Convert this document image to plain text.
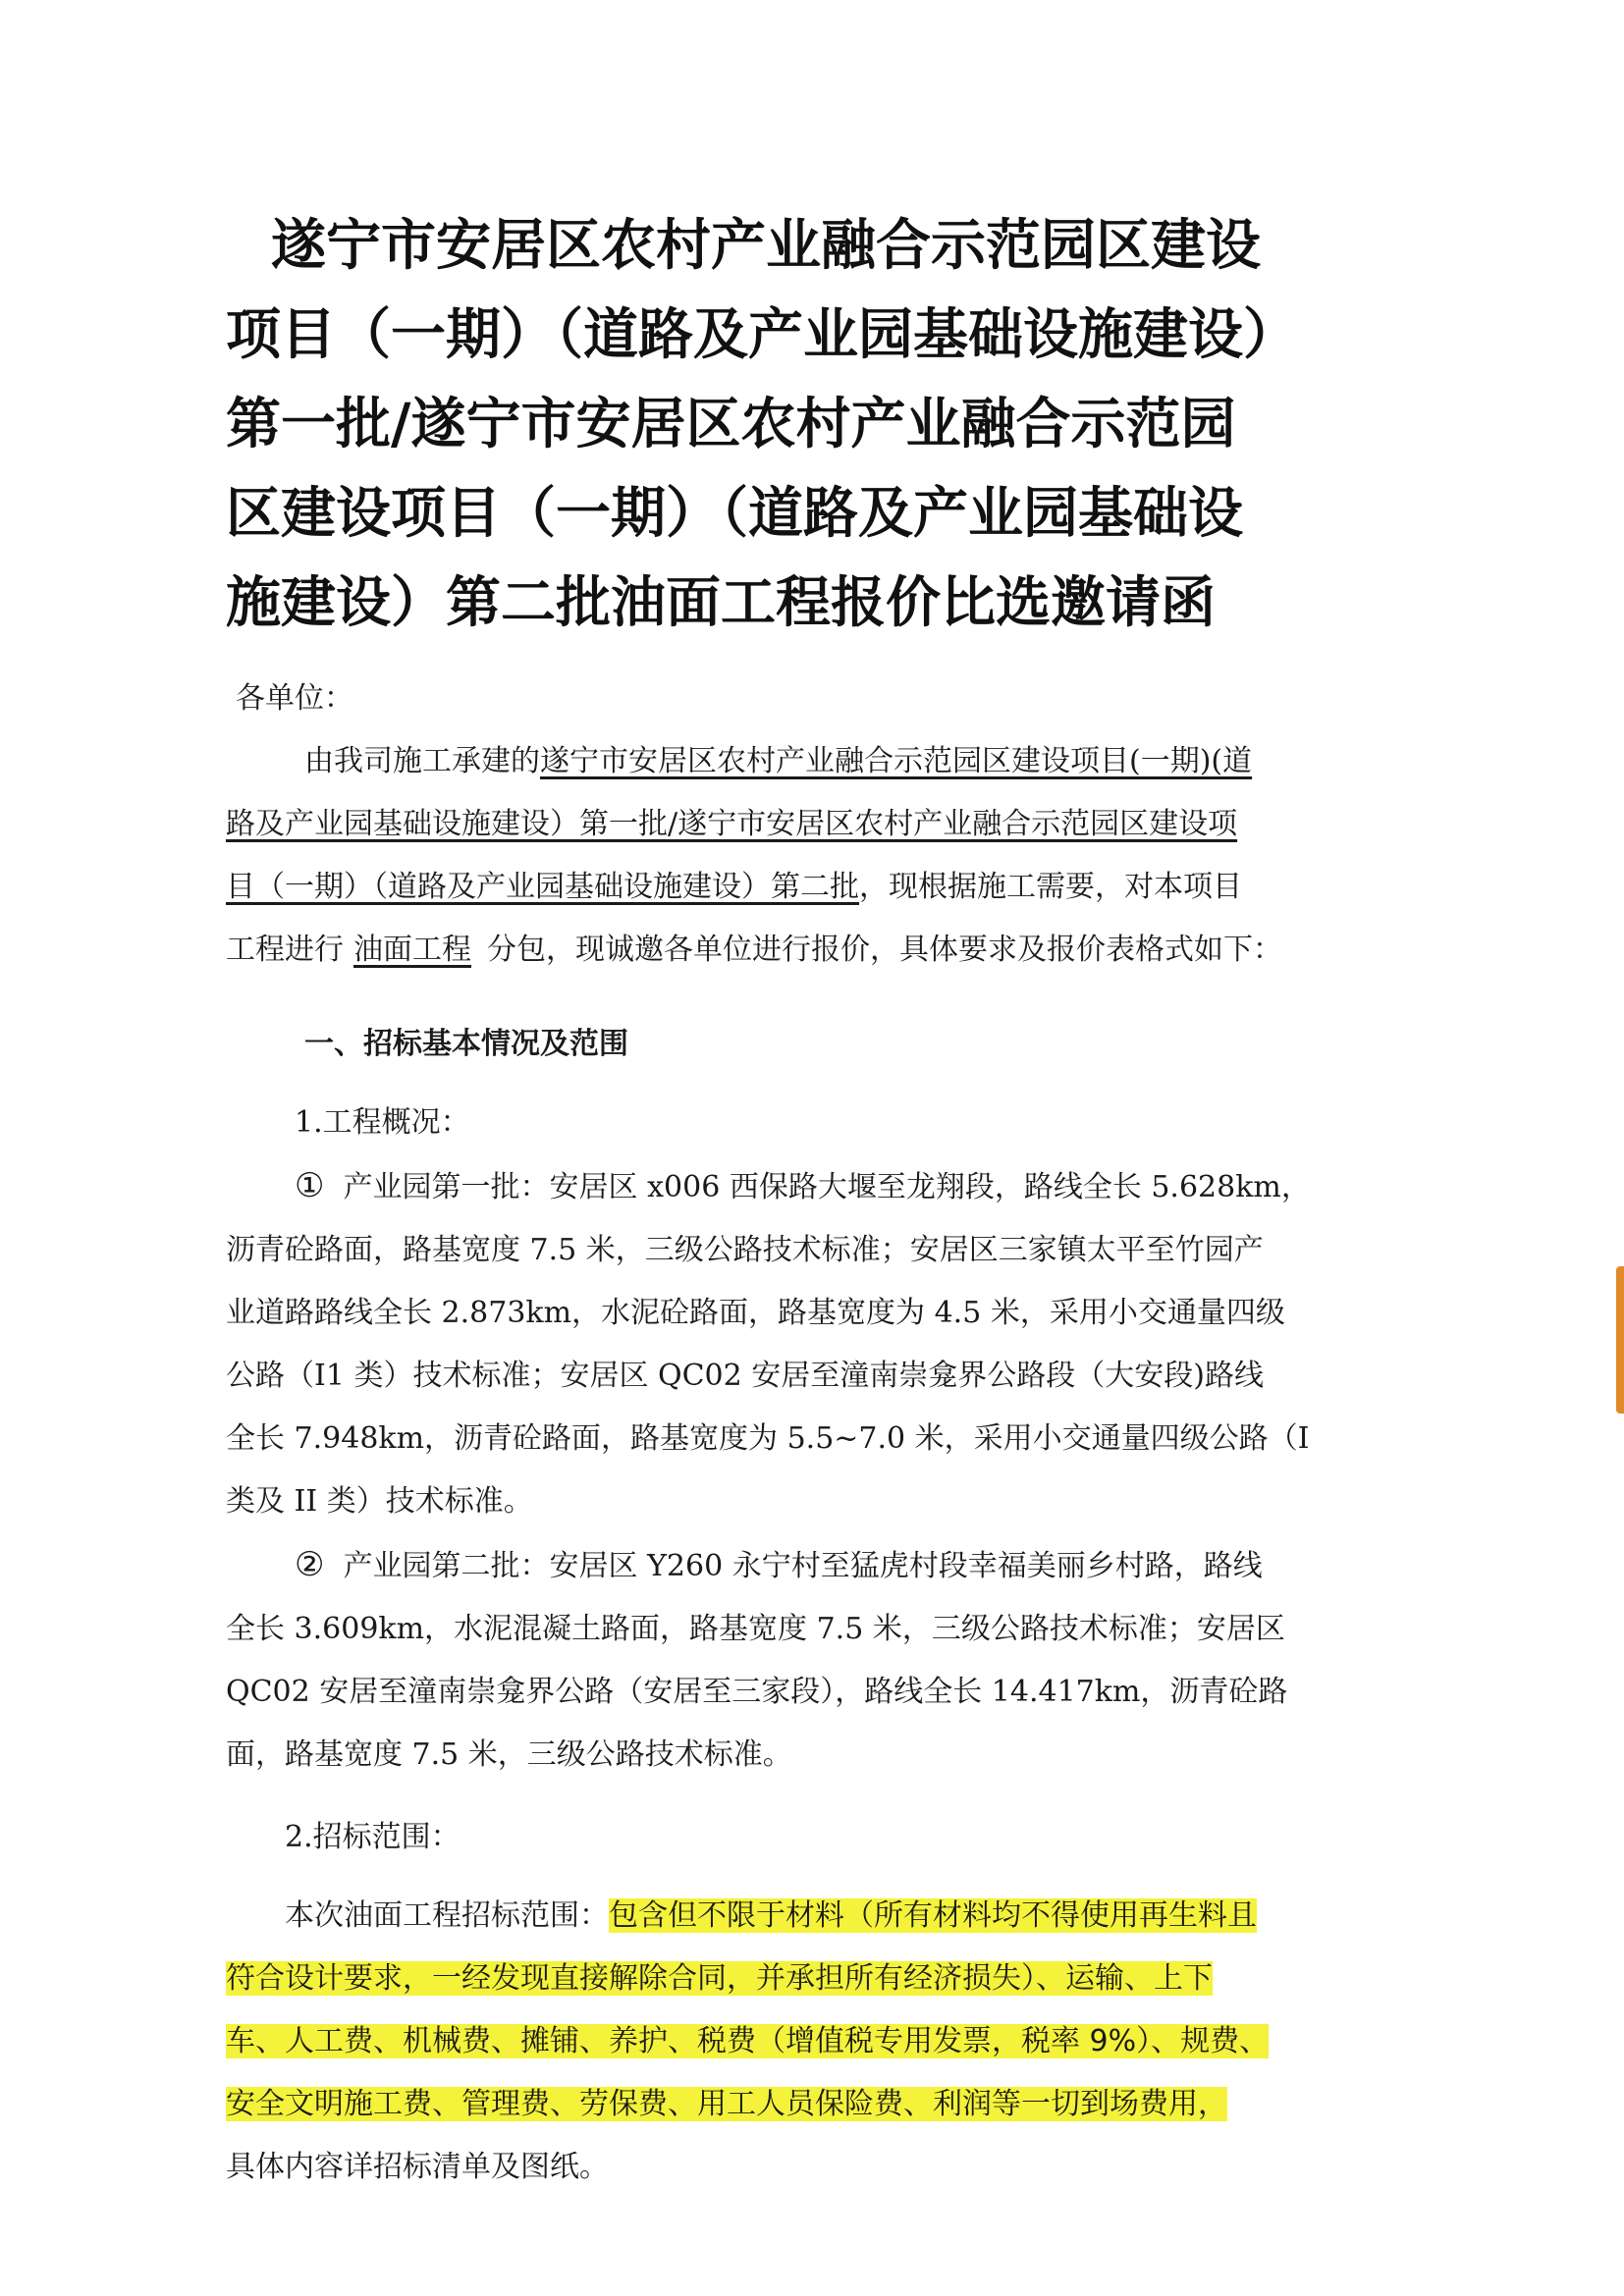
遂宁市安居区农村产业融合示范园区建设
项目（一期）（道路及产业园基础设施建设）
第一批/遂宁市安居区农村产业融合示范园
区建设项目（一期）（道路及产业园基础设
施建设）第二批油面工程报价比选邀请函

各单位：

由我司施工承建的遂宁市安居区农村产业融合示范园区建设项目(一期)(道

路及产业园基础设施建设）第一批/遂宁市安居区农村产业融合示范园区建设项

目（一期）（道路及产业园基础设施建设）第二批，现根据施工需要，对本项目

工程进行 油面工程 分包，现诚邀各单位进行报价，具体要求及报价表格式如下：

一、招标基本情况及范围

1.工程概况：

① 产业园第一批：安居区 x006 西保路大堰至龙翔段，路线全长 5.628km，

沥青砼路面，路基宽度 7.5 米，三级公路技术标准；安居区三家镇太平至竹园产

业道路路线全长 2.873km，水泥砼路面，路基宽度为 4.5 米，采用小交通量四级

公路（I1 类）技术标准；安居区 QC02 安居至潼南崇龛界公路段（大安段)路线

全长 7.948km，沥青砼路面，路基宽度为 5.5~7.0 米，采用小交通量四级公路（I

类及 II 类）技术标准。

② 产业园第二批：安居区 Y260 永宁村至猛虎村段幸福美丽乡村路，路线

全长 3.609km，水泥混凝土路面，路基宽度 7.5 米，三级公路技术标准；安居区

QC02 安居至潼南崇龛界公路（安居至三家段），路线全长 14.417km，沥青砼路

面，路基宽度 7.5 米，三级公路技术标准。

2.招标范围：

本次油面工程招标范围：包含但不限于材料（所有材料均不得使用再生料且

符合设计要求，一经发现直接解除合同，并承担所有经济损失）、运输、上下

车、人工费、机械费、摊铺、养护、税费（增值税专用发票，税率 9%）、规费、

安全文明施工费、管理费、劳保费、用工人员保险费、利润等一切到场费用，

具体内容详招标清单及图纸。
